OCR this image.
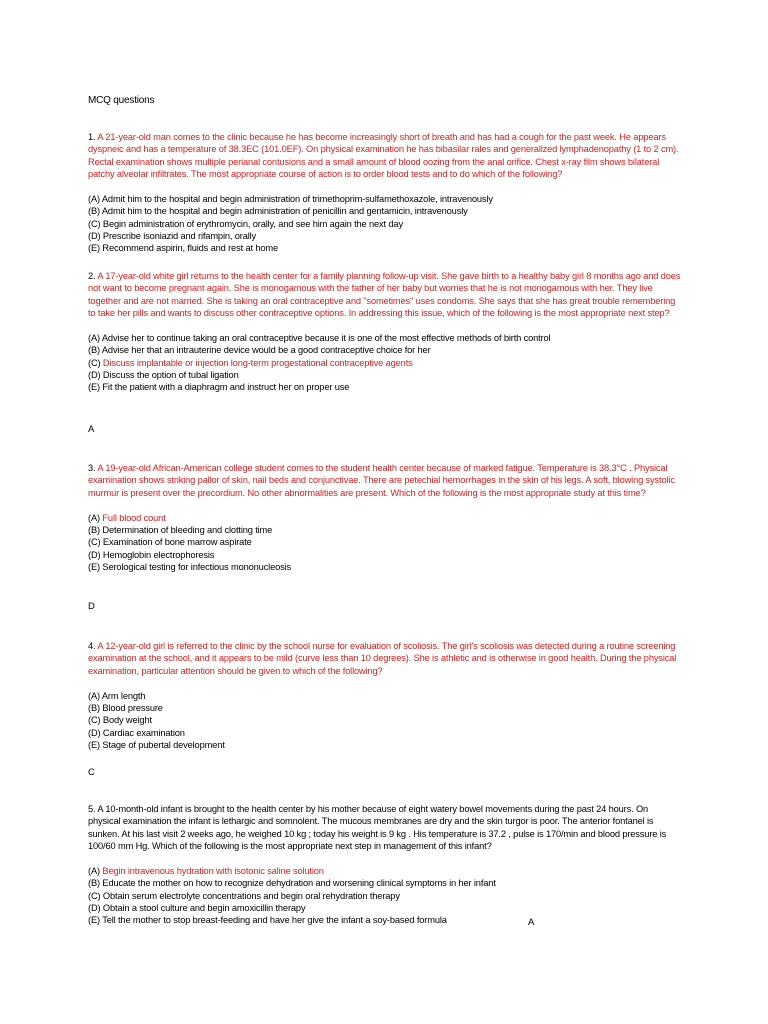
MCQ questions
1. A 21-year-old man comes to the clinic because he has become increasingly short of breath and has had a cough for the past week. He appears dyspneic and has a temperature of 38.3EC (101.0EF). On physical examination he has bibasilar rales and generalized lymphadenopathy (1 to 2 cm). Rectal examination shows multiple perianal contusions and a small amount of blood oozing from the anal orifice. Chest x-ray film shows bilateral patchy alveolar infiltrates. The most appropriate course of action is to order blood tests and to do which of the following?
(A) Admit him to the hospital and begin administration of trimethoprim-sulfamethoxazole, intravenously
(B) Admit him to the hospital and begin administration of penicillin and gentamicin, intravenously
(C) Begin administration of erythromycin, orally, and see him again the next day
(D) Prescribe isoniazid and rifampin, orally
(E) Recommend aspirin, fluids and rest at home
2. A 17-year-old white girl returns to the health center for a family planning follow-up visit. She gave birth to a healthy baby girl 8 months ago and does not want to become pregnant again. She is monogamous with the father of her baby but worries that he is not monogamous with her. They live together and are not married. She is taking an oral contraceptive and "sometimes" uses condoms. She says that she has great trouble remembering to take her pills and wants to discuss other contraceptive options. In addressing this issue, which of the following is the most appropriate next step?
(A) Advise her to continue taking an oral contraceptive because it is one of the most effective methods of birth control
(B) Advise her that an intrauterine device would be a good contraceptive choice for her
(C) Discuss implantable or injection long-term progestational contraceptive agents
(D) Discuss the option of tubal ligation
(E) Fit the patient with a diaphragm and instruct her on proper use
A
3. A 19-year-old African-American college student comes to the student health center because of marked fatigue. Temperature is 38.3°C . Physical examination shows striking pallor of skin, nail beds and conjunctivae. There are petechial hemorrhages in the skin of his legs. A soft, blowing systolic murmur is present over the precordium. No other abnormalities are present. Which of the following is the most appropriate study at this time?
(A) Full blood count
(B) Determination of bleeding and clotting time
(C) Examination of bone marrow aspirate
(D) Hemoglobin electrophoresis
(E) Serological testing for infectious mononucleosis
D
4. A 12-year-old girl is referred to the clinic by the school nurse for evaluation of scoliosis. The girl's scoliosis was detected during a routine screening examination at the school, and it appears to be mild (curve less than 10 degrees). She is athletic and is otherwise in good health. During the physical examination, particular attention should be given to which of the following?
(A) Arm length
(B) Blood pressure
(C) Body weight
(D) Cardiac examination
(E) Stage of pubertal development
C
5. A 10-month-old infant is brought to the health center by his mother because of eight watery bowel movements during the past 24 hours. On physical examination the infant is lethargic and somnolent. The mucous membranes are dry and the skin turgor is poor. The anterior fontanel is sunken. At his last visit 2 weeks ago, he weighed 10 kg ; today his weight is 9 kg . His temperature is 37.2 , pulse is 170/min and blood pressure is 100/60 mm Hg. Which of the following is the most appropriate next step in management of this infant?
(A) Begin intravenous hydration with isotonic saline solution
(B) Educate the mother on how to recognize dehydration and worsening clinical symptoms in her infant
(C) Obtain serum electrolyte concentrations and begin oral rehydration therapy
(D) Obtain a stool culture and begin amoxicillin therapy
(E) Tell the mother to stop breast-feeding and have her give the infant a soy-based formula	A
